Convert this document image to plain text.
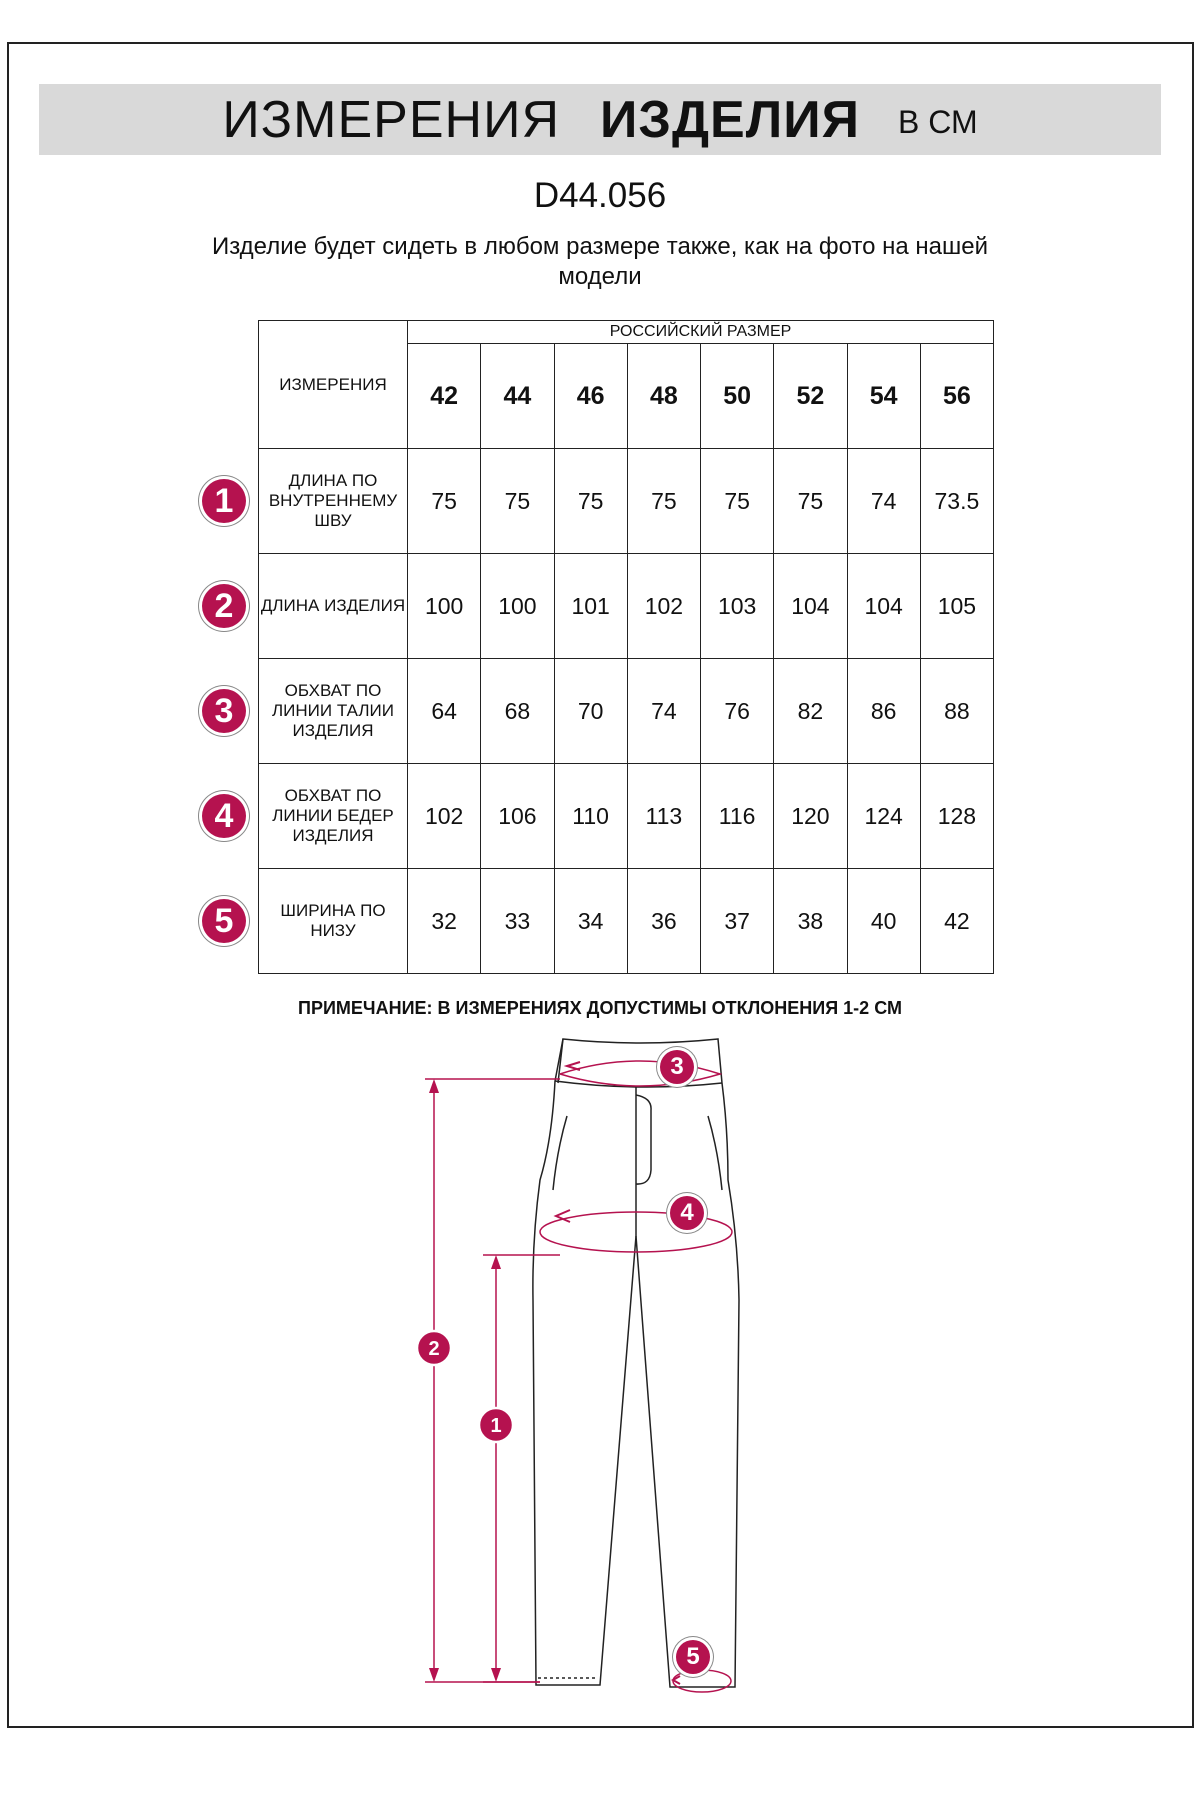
ИЗМЕРЕНИЯ ИЗДЕЛИЯ В СМ
D44.056
Изделие будет сидеть в любом размере также, как на фото на нашей модели
ИЗМЕРЕНИЯ	РОССИЙСКИЙ РАЗМЕР							
	42	44	46	48	50	52	54	56
ДЛИНА ПО ВНУТРЕННЕМУ ШВУ	75	75	75	75	75	75	74	73.5
ДЛИНА ИЗДЕЛИЯ	100	100	101	102	103	104	104	105
ОБХВАТ ПО ЛИНИИ ТАЛИИ ИЗДЕЛИЯ	64	68	70	74	76	82	86	88
ОБХВАТ ПО ЛИНИИ БЕДЕР ИЗДЕЛИЯ	102	106	110	113	116	120	124	128
ШИРИНА ПО НИЗУ	32	33	34	36	37	38	40	42
1
2
3
4
5
ПРИМЕЧАНИЕ: В ИЗМЕРЕНИЯХ ДОПУСТИМЫ ОТКЛОНЕНИЯ 1-2 СМ
2
1
3
4
5
